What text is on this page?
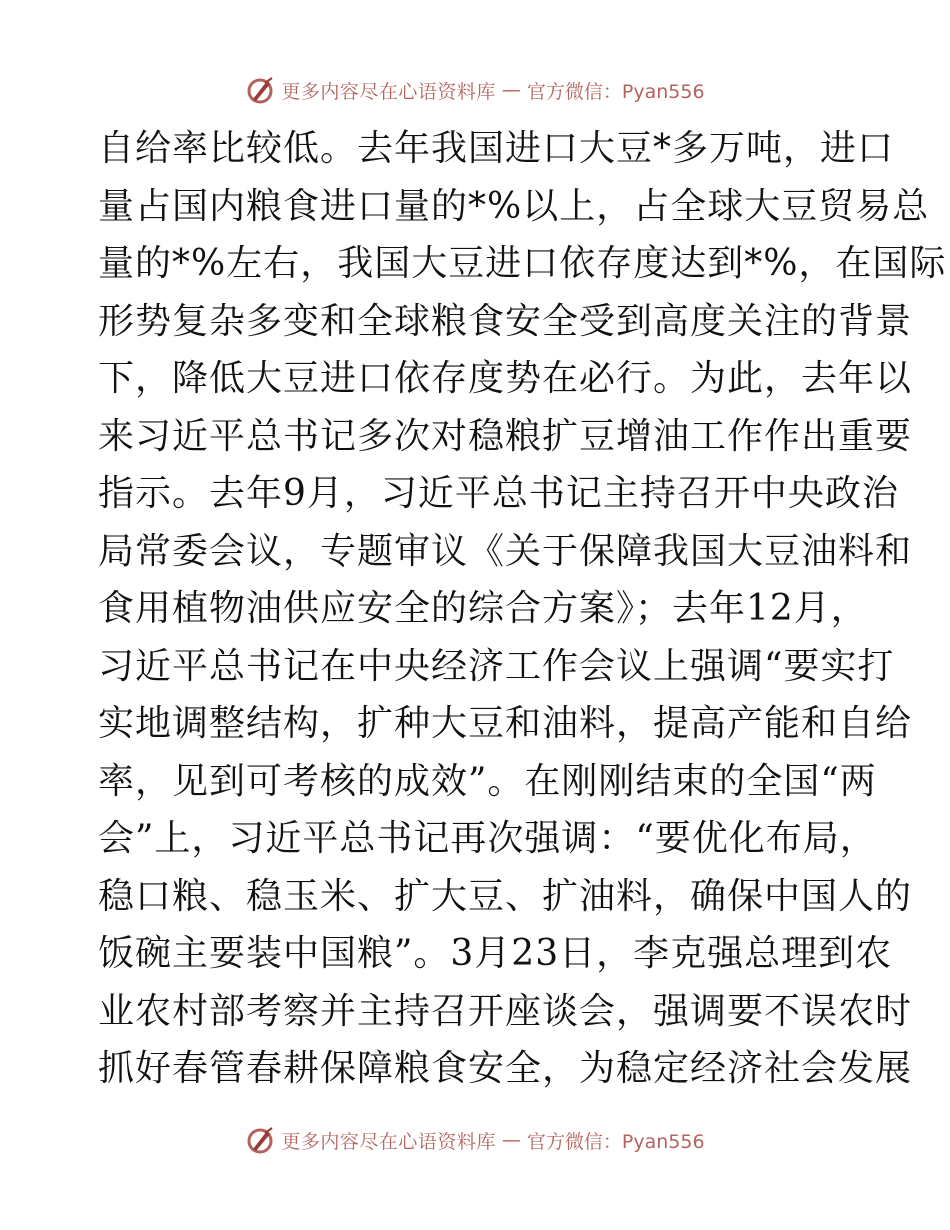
更多内容尽在心语资料库 — 官方微信：Pyan556
自给率比较低。去年我国进口大豆*多万吨，进口
量占国内粮食进口量的*%以上，占全球大豆贸易总
量的*%左右，我国大豆进口依存度达到*%，在国际
形势复杂多变和全球粮食安全受到高度关注的背景
下，降低大豆进口依存度势在必行。为此，去年以
来习近平总书记多次对稳粮扩豆增油工作作出重要
指示。去年9月，习近平总书记主持召开中央政治
局常委会议，专题审议《关于保障我国大豆油料和
食用植物油供应安全的综合方案》；去年12月，
习近平总书记在中央经济工作会议上强调“要实打
实地调整结构，扩种大豆和油料，提高产能和自给
率，见到可考核的成效”。在刚刚结束的全国“两
会”上，习近平总书记再次强调：“要优化布局，
稳口粮、稳玉米、扩大豆、扩油料，确保中国人的
饭碗主要装中国粮”。3月23日，李克强总理到农
业农村部考察并主持召开座谈会，强调要不误农时
抓好春管春耕保障粮食安全，为稳定经济社会发展
更多内容尽在心语资料库 — 官方微信：Pyan556
